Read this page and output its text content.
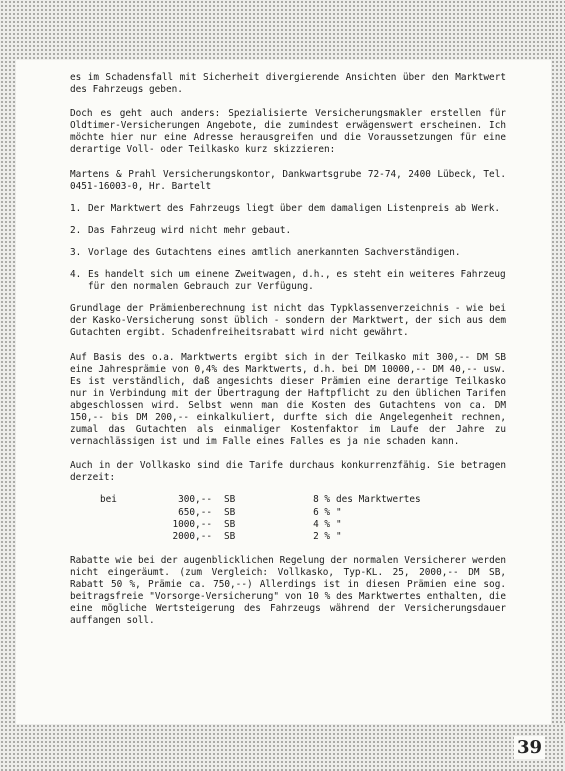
es im Schadensfall mit Sicherheit divergierende Ansichten über den Marktwert des Fahrzeugs geben.

Doch es geht auch anders: Spezialisierte Versicherungsmakler erstellen für Oldtimer-Versicherungen Angebote, die zumindest erwägenswert erscheinen. Ich möchte hier nur eine Adresse herausgreifen und die Voraussetzungen für eine derartige Voll- oder Teilkasko kurz skizzieren:

Martens & Prahl Versicherungskontor, Dankwartsgrube 72-74, 2400 Lübeck, Tel. 0451-16003-0, Hr. Bartelt

1. Der Marktwert des Fahrzeugs liegt über dem damaligen Listenpreis ab Werk.
2. Das Fahrzeug wird nicht mehr gebaut.
3. Vorlage des Gutachtens eines amtlich anerkannten Sachverständigen.
4. Es handelt sich um einene Zweitwagen, d.h., es steht ein weiteres Fahrzeug für den normalen Gebrauch zur Verfügung.

Grundlage der Prämienberechnung ist nicht das Typklassenverzeichnis - wie bei der Kasko-Versicherung sonst üblich - sondern der Marktwert, der sich aus dem Gutachten ergibt. Schadenfreiheitsrabatt wird nicht gewährt.

Auf Basis des o.a. Marktwerts ergibt sich in der Teilkasko mit 300,-- DM SB eine Jahresprämie von 0,4% des Marktwerts, d.h. bei DM 10000,-- DM 40,-- usw. Es ist verständlich, daß angesichts dieser Prämien eine derartige Teilkasko nur in Verbindung mit der Übertragung der Haftpflicht zu den üblichen Tarifen abgeschlossen wird. Selbst wenn man die Kosten des Gutachtens von ca. DM 150,-- bis DM 200,-- einkalkuliert, durfte sich die Angelegenheit rechnen, zumal das Gutachten als einmaliger Kostenfaktor im Laufe der Jahre zu vernachlässigen ist und im Falle eines Falles es ja nie schaden kann.

Auch in der Vollkasko sind die Tarife durchaus konkurrenzfähig. Sie betragen derzeit:

bei	300,--	SB	8 %	des Marktwertes
	650,--	SB	6 %	"
	1000,--	SB	4 %	"
	2000,--	SB	2 %	"

Rabatte wie bei der augenblicklichen Regelung der normalen Versicherer werden nicht eingeräumt. (zum Vergleich: Vollkasko, Typ-KL. 25, 2000,-- DM SB, Rabatt 50 %, Prämie ca. 750,--) Allerdings ist in diesen Prämien eine sog. beitragsfreie "Vorsorge-Versicherung" von 10 % des Marktwertes enthalten, die eine mögliche Wertsteigerung des Fahrzeugs während der Versicherungsdauer auffangen soll.

39
